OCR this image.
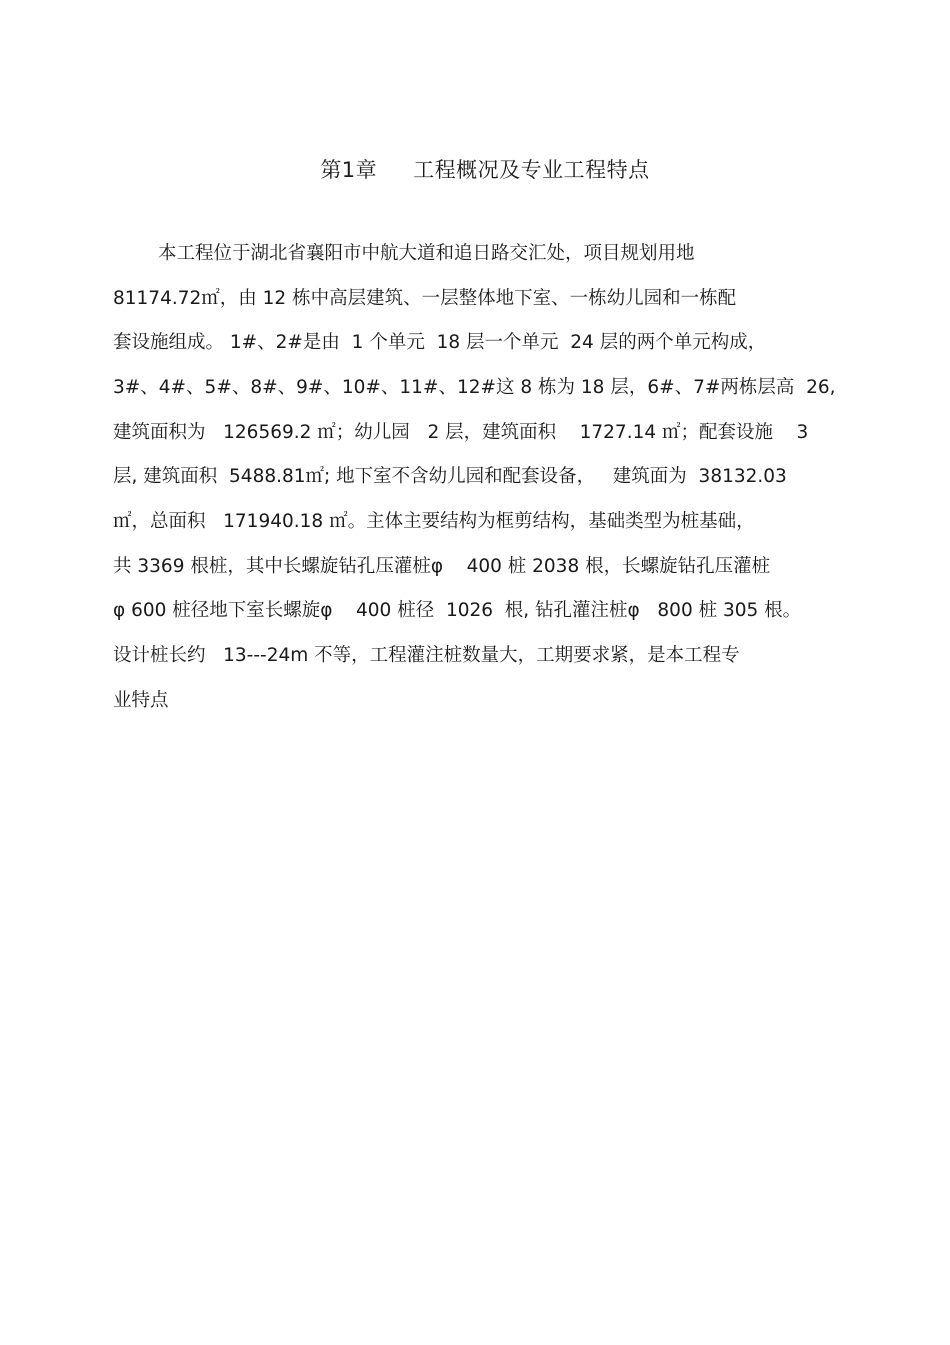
第1章 工程概况及专业工程特点
本工程位于湖北省襄阳市中航大道和追日路交汇处，项目规划用地
81174.72㎡，由 12 栋中高层建筑、一层整体地下室、一栋幼儿园和一栋配
套设施组成。 1#、2#是由  1 个单元  18 层一个单元  24 层的两个单元构成，
3#、4#、5#、8#、9#、10#、11#、12#这 8 栋为 18 层，6#、7#两栋层高  26,
建筑面积为   126569.2 ㎡；幼儿园   2 层，建筑面积    1727.14 ㎡；配套设施    3
层, 建筑面积  5488.81㎡; 地下室不含幼儿园和配套设备，   建筑面为  38132.03
㎡，总面积   171940.18 ㎡。主体主要结构为框剪结构，基础类型为桩基础，
共 3369 根桩，其中长螺旋钻孔压灌桩φ    400 桩 2038 根，长螺旋钻孔压灌桩
φ 600 桩径地下室长螺旋φ    400 桩径  1026  根, 钻孔灌注桩φ   800 桩 305 根。
设计桩长约   13---24m 不等，工程灌注桩数量大，工期要求紧，是本工程专
业特点
